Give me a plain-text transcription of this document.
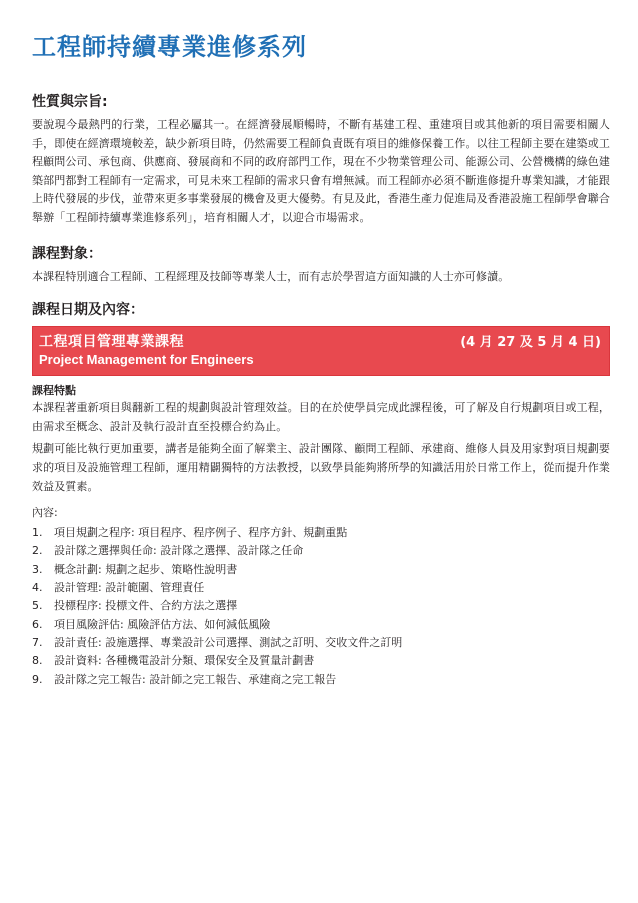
工程師持續專業進修系列
性質與宗旨:

要說現今最熱門的行業，工程必屬其一。在經濟發展順暢時，不斷有基建工程、重建項目或其他新的項目需要相關人手，即使在經濟環境較差，缺少新項目時，仍然需要工程師負責既有項目的維修保養工作。以往工程師主要在建築或工程顧問公司、承包商、供應商、發展商和不同的政府部門工作，現在不少物業管理公司、能源公司、公營機構的綠色建築部門都對工程師有一定需求，可見未來工程師的需求只會有增無減。而工程師亦必須不斷進修提升專業知識，才能跟上時代發展的步伐，並帶來更多事業發展的機會及更大優勢。有見及此，香港生產力促進局及香港設施工程師學會聯合舉辦「工程師持續專業進修系列」，培育相關人才，以迎合市場需求。

課程對象：

本課程特別適合工程師、工程經理及技師等專業人士，而有志於學習這方面知識的人士亦可修讀。

課程日期及內容：
工程項目管理專業課程	(4 月 27 及 5 月 4 日)
Project Management for Engineers
課程特點

本課程著重新項目與翻新工程的規劃與設計管理效益。目的在於使學員完成此課程後，可了解及自行規劃項目或工程，由需求至概念、設計及執行設計直至投標合約為止。

規劃可能比執行更加重要，講者是能夠全面了解業主、設計團隊、顧問工程師、承建商、維修人員及用家對項目規劃要求的項目及設施管理工程師，運用精闢獨特的方法教授，以致學員能夠將所學的知識活用於日常工作上，從而提升作業效益及質素。

內容:
1.	項目規劃之程序: 項目程序、程序例子、程序方針、規劃重點
2.	設計隊之選擇與任命: 設計隊之選擇、設計隊之任命
3.	概念計劃: 規劃之起步、策略性說明書
4.	設計管理: 設計範圍、管理責任
5.	投標程序: 投標文件、合約方法之選擇
6.	項目風險評估: 風險評估方法、如何減低風險
7.	設計責任: 設施選擇、專業設計公司選擇、測試之訂明、交收文件之訂明
8.	設計資料: 各種機電設計分類、環保安全及質量計劃書
9.	設計隊之完工報告: 設計師之完工報告、承建商之完工報告
